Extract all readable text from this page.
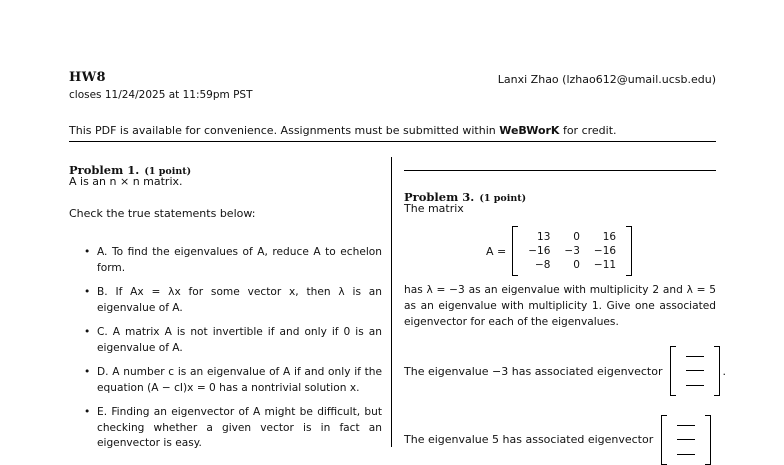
HW8
closes 11/24/2025 at 11:59pm PST
Lanxi Zhao (lzhao612@umail.ucsb.edu)
This PDF is available for convenience. Assignments must be submitted within WeBWorK for credit.
Problem 1. (1 point)
A is an n × n matrix.
Check the true statements below:
• A. To find the eigenvalues of A, reduce A to echelon form.
• B. If Ax = λx for some vector x, then λ is an eigenvalue of A.
• C. A matrix A is not invertible if and only if 0 is an eigenvalue of A.
• D. A number c is an eigenvalue of A if and only if the equation (A − cI)x = 0 has a nontrivial solution x.
• E. Finding an eigenvector of A might be difficult, but checking whether a given vector is in fact an eigenvector is easy.
Problem 3. (1 point)
The matrix
A =
13	0	16
−16	−3	−16
−8	0	−11
has λ = −3 as an eigenvalue with multiplicity 2 and λ = 5 as an eigenvalue with multiplicity 1. Give one associated eigenvector for each of the eigenvalues.
The eigenvalue −3 has associated eigenvector	.
The eigenvalue 5 has associated eigenvector
